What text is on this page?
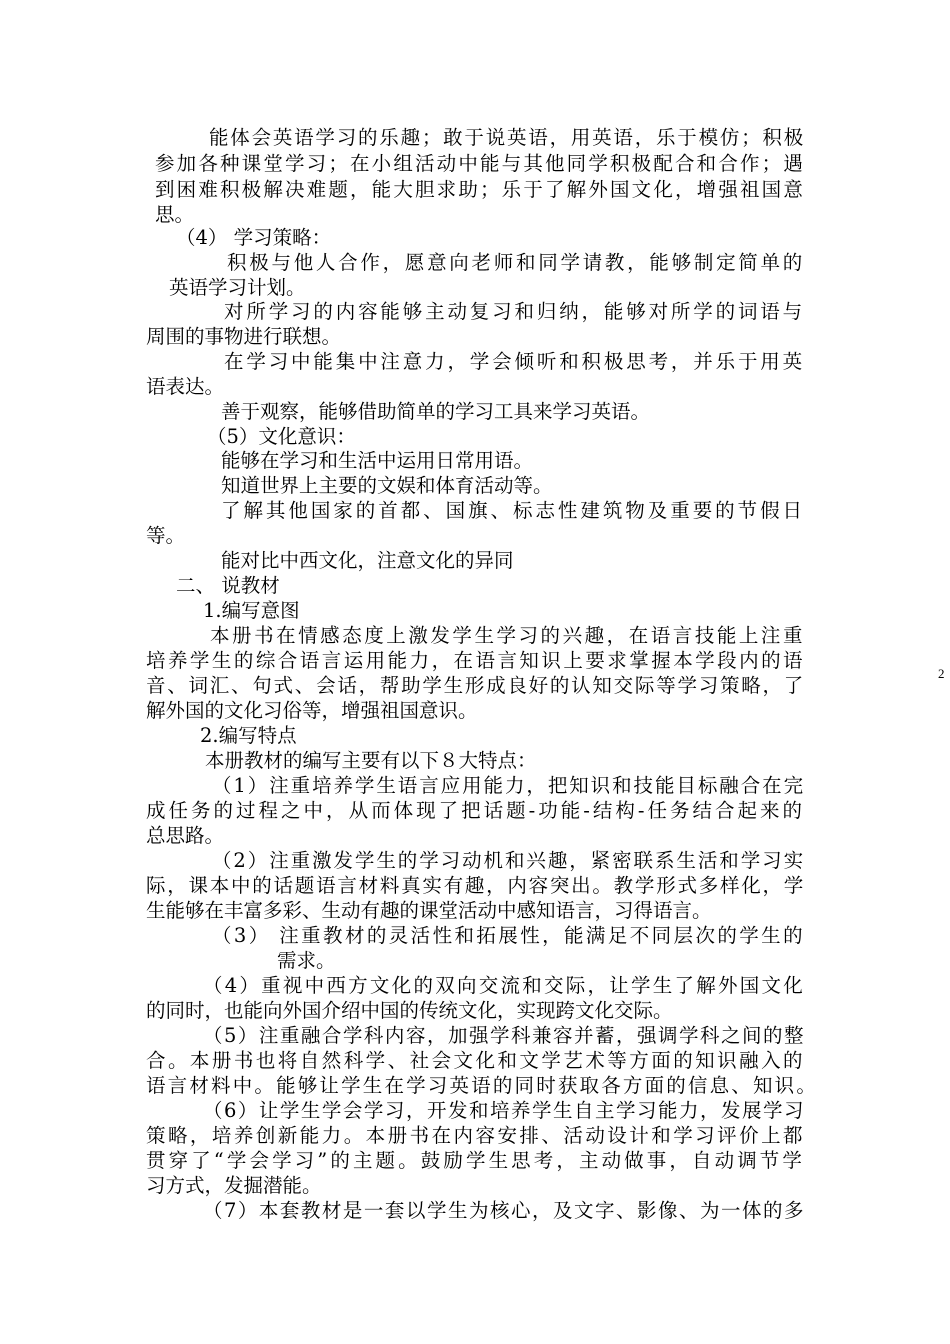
能体会英语学习的乐趣；敢于说英语，用英语，乐于模仿；积极

参加各种课堂学习；在小组活动中能与其他同学积极配合和合作；遇

到困难积极解决难题，能大胆求助；乐于了解外国文化，增强祖国意

思。

（4） 学习策略：

积极与他人合作，愿意向老师和同学请教，能够制定简单的

英语学习计划。

对所学习的内容能够主动复习和归纳，能够对所学的词语与

周围的事物进行联想。

在学习中能集中注意力，学会倾听和积极思考，并乐于用英

语表达。

善于观察，能够借助简单的学习工具来学习英语。

（5）文化意识：

能够在学习和生活中运用日常用语。

知道世界上主要的文娱和体育活动等。

了解其他国家的首都、国旗、标志性建筑物及重要的节假日

等。

能对比中西文化，注意文化的异同

二、 说教材

1.编写意图

本册书在情感态度上激发学生学习的兴趣，在语言技能上注重

培养学生的综合语言运用能力，在语言知识上要求掌握本学段内的语

音、词汇、句式、会话，帮助学生形成良好的认知交际等学习策略，了

解外国的文化习俗等，增强祖国意识。

2.编写特点

本册教材的编写主要有以下８大特点：

（1）注重培养学生语言应用能力，把知识和技能目标融合在完

成任务的过程之中，从而体现了把话题-功能-结构-任务结合起来的

总思路。

（2）注重激发学生的学习动机和兴趣，紧密联系生活和学习实

际，课本中的话题语言材料真实有趣，内容突出。教学形式多样化，学

生能够在丰富多彩、生动有趣的课堂活动中感知语言，习得语言。

（3） 注重教材的灵活性和拓展性，能满足不同层次的学生的

需求。

（4）重视中西方文化的双向交流和交际，让学生了解外国文化

的同时，也能向外国介绍中国的传统文化，实现跨文化交际。

（5）注重融合学科内容，加强学科兼容并蓄，强调学科之间的整

合。本册书也将自然科学、社会文化和文学艺术等方面的知识融入的

语言材料中。能够让学生在学习英语的同时获取各方面的信息、知识。

（6）让学生学会学习，开发和培养学生自主学习能力，发展学习

策略，培养创新能力。本册书在内容安排、活动设计和学习评价上都

贯穿了“学会学习”的主题。鼓励学生思考，主动做事，自动调节学

习方式，发掘潜能。

（7）本套教材是一套以学生为核心，及文字、影像、为一体的多

2
